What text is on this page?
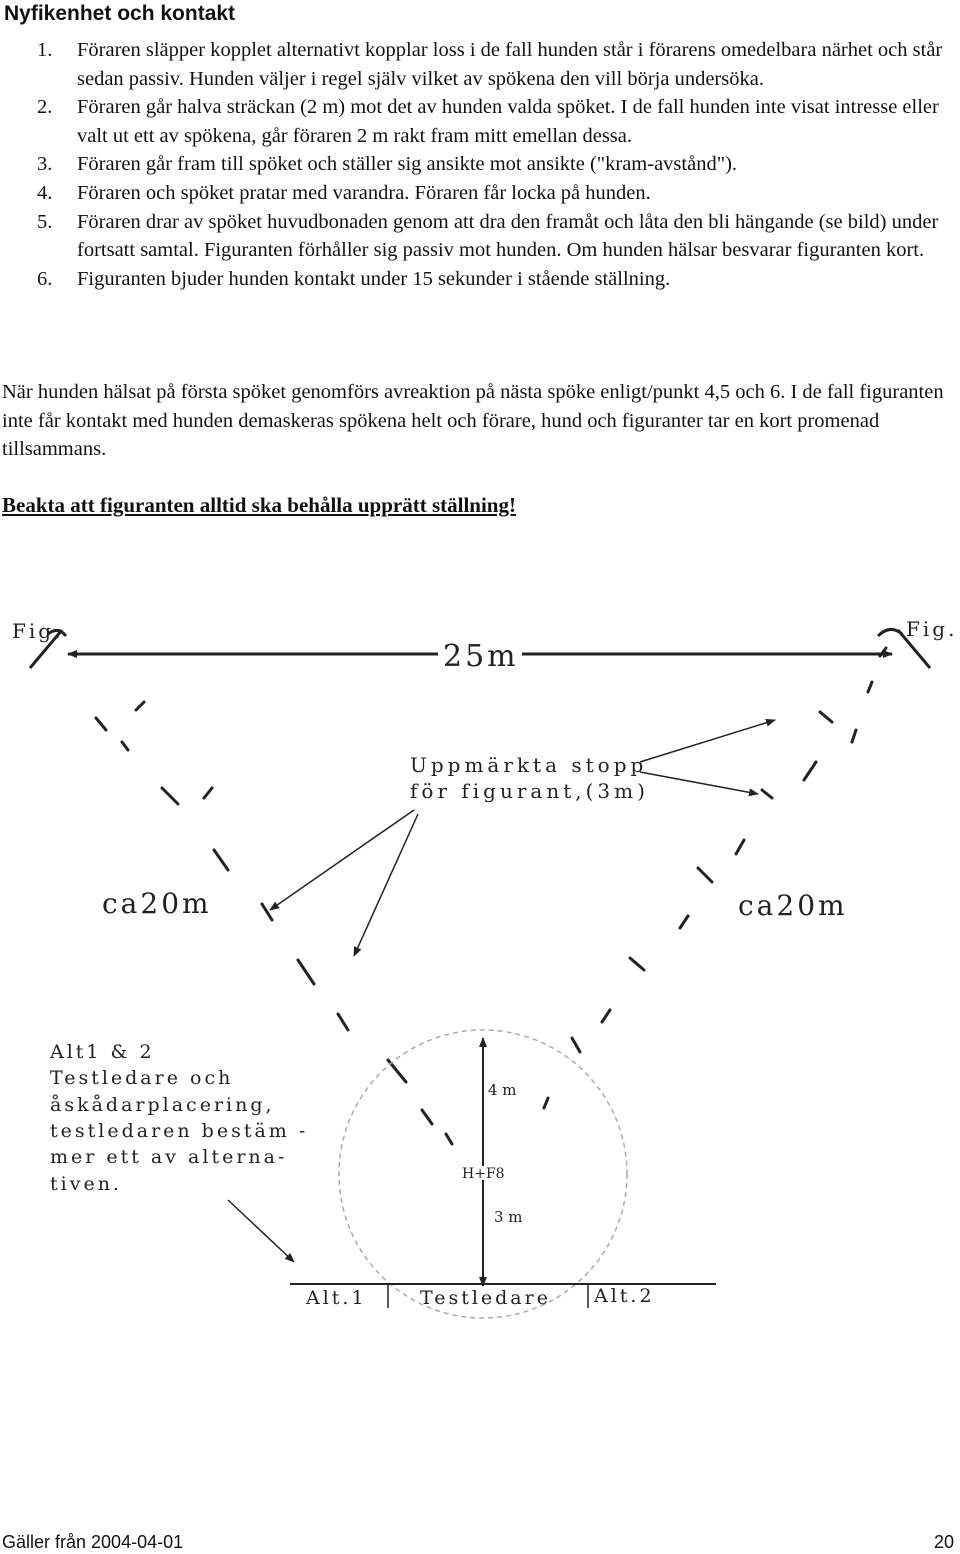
Nyfikenhet och kontakt
1. Föraren släpper kopplet alternativt kopplar loss i de fall hunden står i förarens omedelbara närhet och står sedan passiv. Hunden väljer i regel själv vilket av spökena den vill börja undersöka.
2. Föraren går halva sträckan (2 m) mot det av hunden valda spöket. I de fall hunden inte visat intresse eller valt ut ett av spökena, går föraren 2 m rakt fram mitt emellan dessa.
3. Föraren går fram till spöket och ställer sig ansikte mot ansikte ("kram-avstånd").
4. Föraren och spöket pratar med varandra. Föraren får locka på hunden.
5. Föraren drar av spöket huvudbonaden genom att dra den framåt och låta den bli hängande (se bild) under fortsatt samtal. Figuranten förhåller sig passiv mot hunden. Om hunden hälsar besvarar figuranten kort.
6. Figuranten bjuder hunden kontakt under 15 sekunder i stående ställning.

När hunden hälsat på första spöket genomförs avreaktion på nästa spöke enligt/punkt 4,5 och 6. I de fall figuranten inte får kontakt med hunden demaskeras spökena helt och förare, hund och figuranter tar en kort promenad tillsammans.

Beakta att figuranten alltid ska behålla upprätt ställning!

Fig.	Fig.
25m
Uppmärkta stopp
för figurant,(3m)
ca20m	ca20m
Alt1 & 2
Testledare och
åskådarplacering,
testledaren bestäm -
mer ett av alterna-
tiven.
4 m
3 m
H+F8
Alt.1	Testledare Alt.2
Gäller från 2004-04-01	20
